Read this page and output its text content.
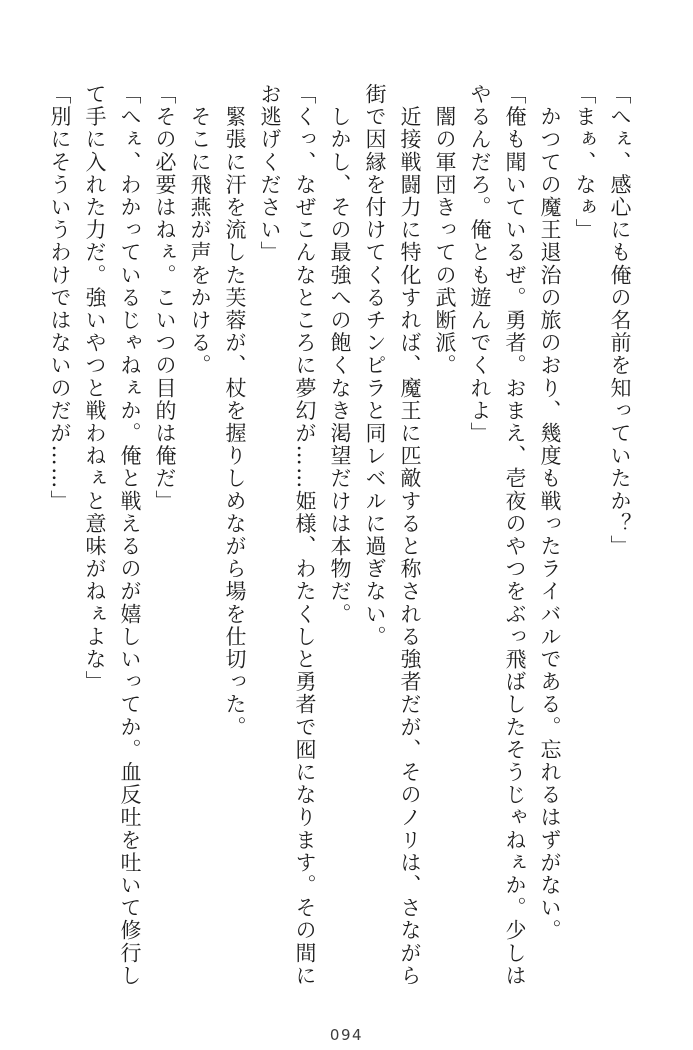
「へぇ、感心にも俺の名前を知っていたか？」
「まぁ、なぁ」
　かつての魔王退治の旅のおり、幾度も戦ったライバルである。忘れるはずがない。
「俺も聞いているぜ。勇者。おまえ、壱夜のやつをぶっ飛ばしたそうじゃねぇか。少しは
やるんだろ。俺とも遊んでくれよ」
　闇の軍団きっての武断派。
　近接戦闘力に特化すれば、魔王に匹敵すると称される強者だが、そのノリは、さながら
街で因縁を付けてくるチンピラと同レベルに過ぎない。
　しかし、その最強への飽くなき渇望だけは本物だ。
「くっ、なぜこんなところに夢幻が……姫様、わたくしと勇者で囮になります。その間に
お逃げください」
　緊張に汗を流した芙蓉が、杖を握りしめながら場を仕切った。
　そこに飛燕が声をかける。
「その必要はねぇ。こいつの目的は俺だ」
「へぇ、わかっているじゃねぇか。俺と戦えるのが嬉しいってか。血反吐を吐いて修行し
て手に入れた力だ。強いやつと戦わねぇと意味がねぇよな」
「別にそういうわけではないのだが……」
094
